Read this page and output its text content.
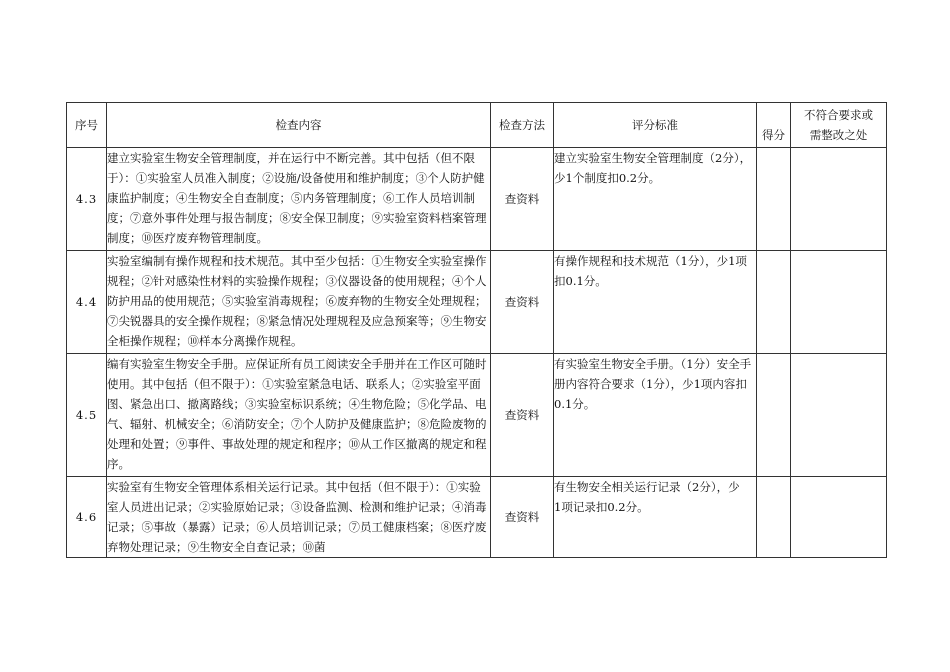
序号	检查内容	检查方法	评分标准	得分	不符合要求或
需整改之处
4.3	建立实验室生物安全管理制度，并在运行中不断完善。其中包括（但不限于）：①实验室人员准入制度；②设施/设备使用和维护制度；③个人防护健康监护制度；④生物安全自查制度；⑤内务管理制度；⑥工作人员培训制度；⑦意外事件处理与报告制度；⑧安全保卫制度；⑨实验室资料档案管理制度；⑩医疗废弃物管理制度。	查资料	建立实验室生物安全管理制度（2分），少1个制度扣0.2分。		
4.4	实验室编制有操作规程和技术规范。其中至少包括：①生物安全实验室操作规程；②针对感染性材料的实验操作规程；③仪器设备的使用规程；④个人防护用品的使用规范；⑤实验室消毒规程；⑥废弃物的生物安全处理规程；⑦尖锐器具的安全操作规程；⑧紧急情况处理规程及应急预案等；⑨生物安全柜操作规程；⑩样本分离操作规程。	查资料	有操作规程和技术规范（1分），少1项扣0.1分。		
4.5	编有实验室生物安全手册。应保证所有员工阅读安全手册并在工作区可随时使用。其中包括（但不限于）：①实验室紧急电话、联系人；②实验室平面图、紧急出口、撤离路线；③实验室标识系统；④生物危险；⑤化学品、电气、辐射、机械安全；⑥消防安全；⑦个人防护及健康监护；⑧危险废物的处理和处置；⑨事件、事故处理的规定和程序；⑩从工作区撤离的规定和程序。	查资料	有实验室生物安全手册。（1分）安全手册内容符合要求（1分），少1项内容扣0.1分。		
4.6	实验室有生物安全管理体系相关运行记录。其中包括（但不限于）：①实验室人员进出记录；②实验原始记录；③设备监测、检测和维护记录；④消毒记录；⑤事故（暴露）记录；⑥人员培训记录；⑦员工健康档案；⑧医疗废弃物处理记录；⑨生物安全自查记录；⑩菌	查资料	有生物安全相关运行记录（2分），少
1项记录扣0.2分。		
